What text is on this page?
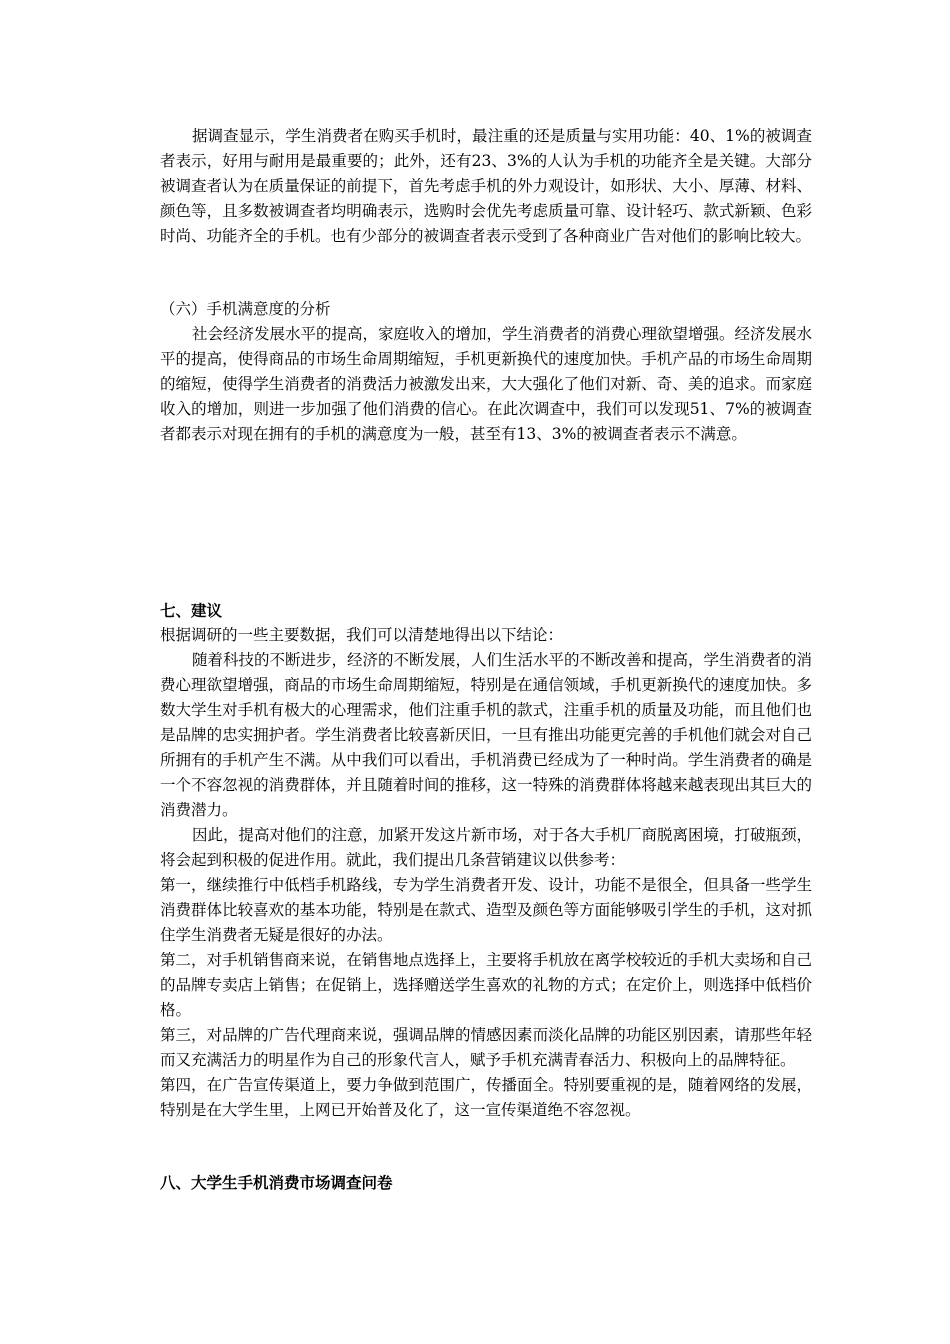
据调查显示，学生消费者在购买手机时，最注重的还是质量与实用功能：40、1%的被调查者表示，好用与耐用是最重要的；此外，还有23、3%的人认为手机的功能齐全是关键。大部分被调查者认为在质量保证的前提下，首先考虑手机的外力观设计，如形状、大小、厚薄、材料、颜色等，且多数被调查者均明确表示，选购时会优先考虑质量可靠、设计轻巧、款式新颖、色彩时尚、功能齐全的手机。也有少部分的被调查者表示受到了各种商业广告对他们的影响比较大。

（六）手机满意度的分析

社会经济发展水平的提高，家庭收入的增加，学生消费者的消费心理欲望增强。经济发展水平的提高，使得商品的市场生命周期缩短，手机更新换代的速度加快。手机产品的市场生命周期的缩短，使得学生消费者的消费活力被激发出来，大大强化了他们对新、奇、美的追求。而家庭收入的增加，则进一步加强了他们消费的信心。在此次调查中，我们可以发现51、7%的被调查者都表示对现在拥有的手机的满意度为一般，甚至有13、3%的被调查者表示不满意。

七、建议

根据调研的一些主要数据，我们可以清楚地得出以下结论：

随着科技的不断进步，经济的不断发展，人们生活水平的不断改善和提高，学生消费者的消费心理欲望增强，商品的市场生命周期缩短，特别是在通信领域，手机更新换代的速度加快。多数大学生对手机有极大的心理需求，他们注重手机的款式，注重手机的质量及功能，而且他们也是品牌的忠实拥护者。学生消费者比较喜新厌旧，一旦有推出功能更完善的手机他们就会对自己所拥有的手机产生不满。从中我们可以看出，手机消费已经成为了一种时尚。学生消费者的确是一个不容忽视的消费群体，并且随着时间的推移，这一特殊的消费群体将越来越表现出其巨大的消费潜力。

因此，提高对他们的注意，加紧开发这片新市场，对于各大手机厂商脱离困境，打破瓶颈，将会起到积极的促进作用。就此，我们提出几条营销建议以供参考：

第一，继续推行中低档手机路线，专为学生消费者开发、设计，功能不是很全，但具备一些学生消费群体比较喜欢的基本功能，特别是在款式、造型及颜色等方面能够吸引学生的手机，这对抓住学生消费者无疑是很好的办法。

第二，对手机销售商来说，在销售地点选择上，主要将手机放在离学校较近的手机大卖场和自己的品牌专卖店上销售；在促销上，选择赠送学生喜欢的礼物的方式；在定价上，则选择中低档价格。

第三，对品牌的广告代理商来说，强调品牌的情感因素而淡化品牌的功能区别因素，请那些年轻而又充满活力的明星作为自己的形象代言人，赋予手机充满青春活力、积极向上的品牌特征。

第四，在广告宣传渠道上，要力争做到范围广，传播面全。特别要重视的是，随着网络的发展，特别是在大学生里，上网已开始普及化了，这一宣传渠道绝不容忽视。

八、大学生手机消费市场调查问卷
